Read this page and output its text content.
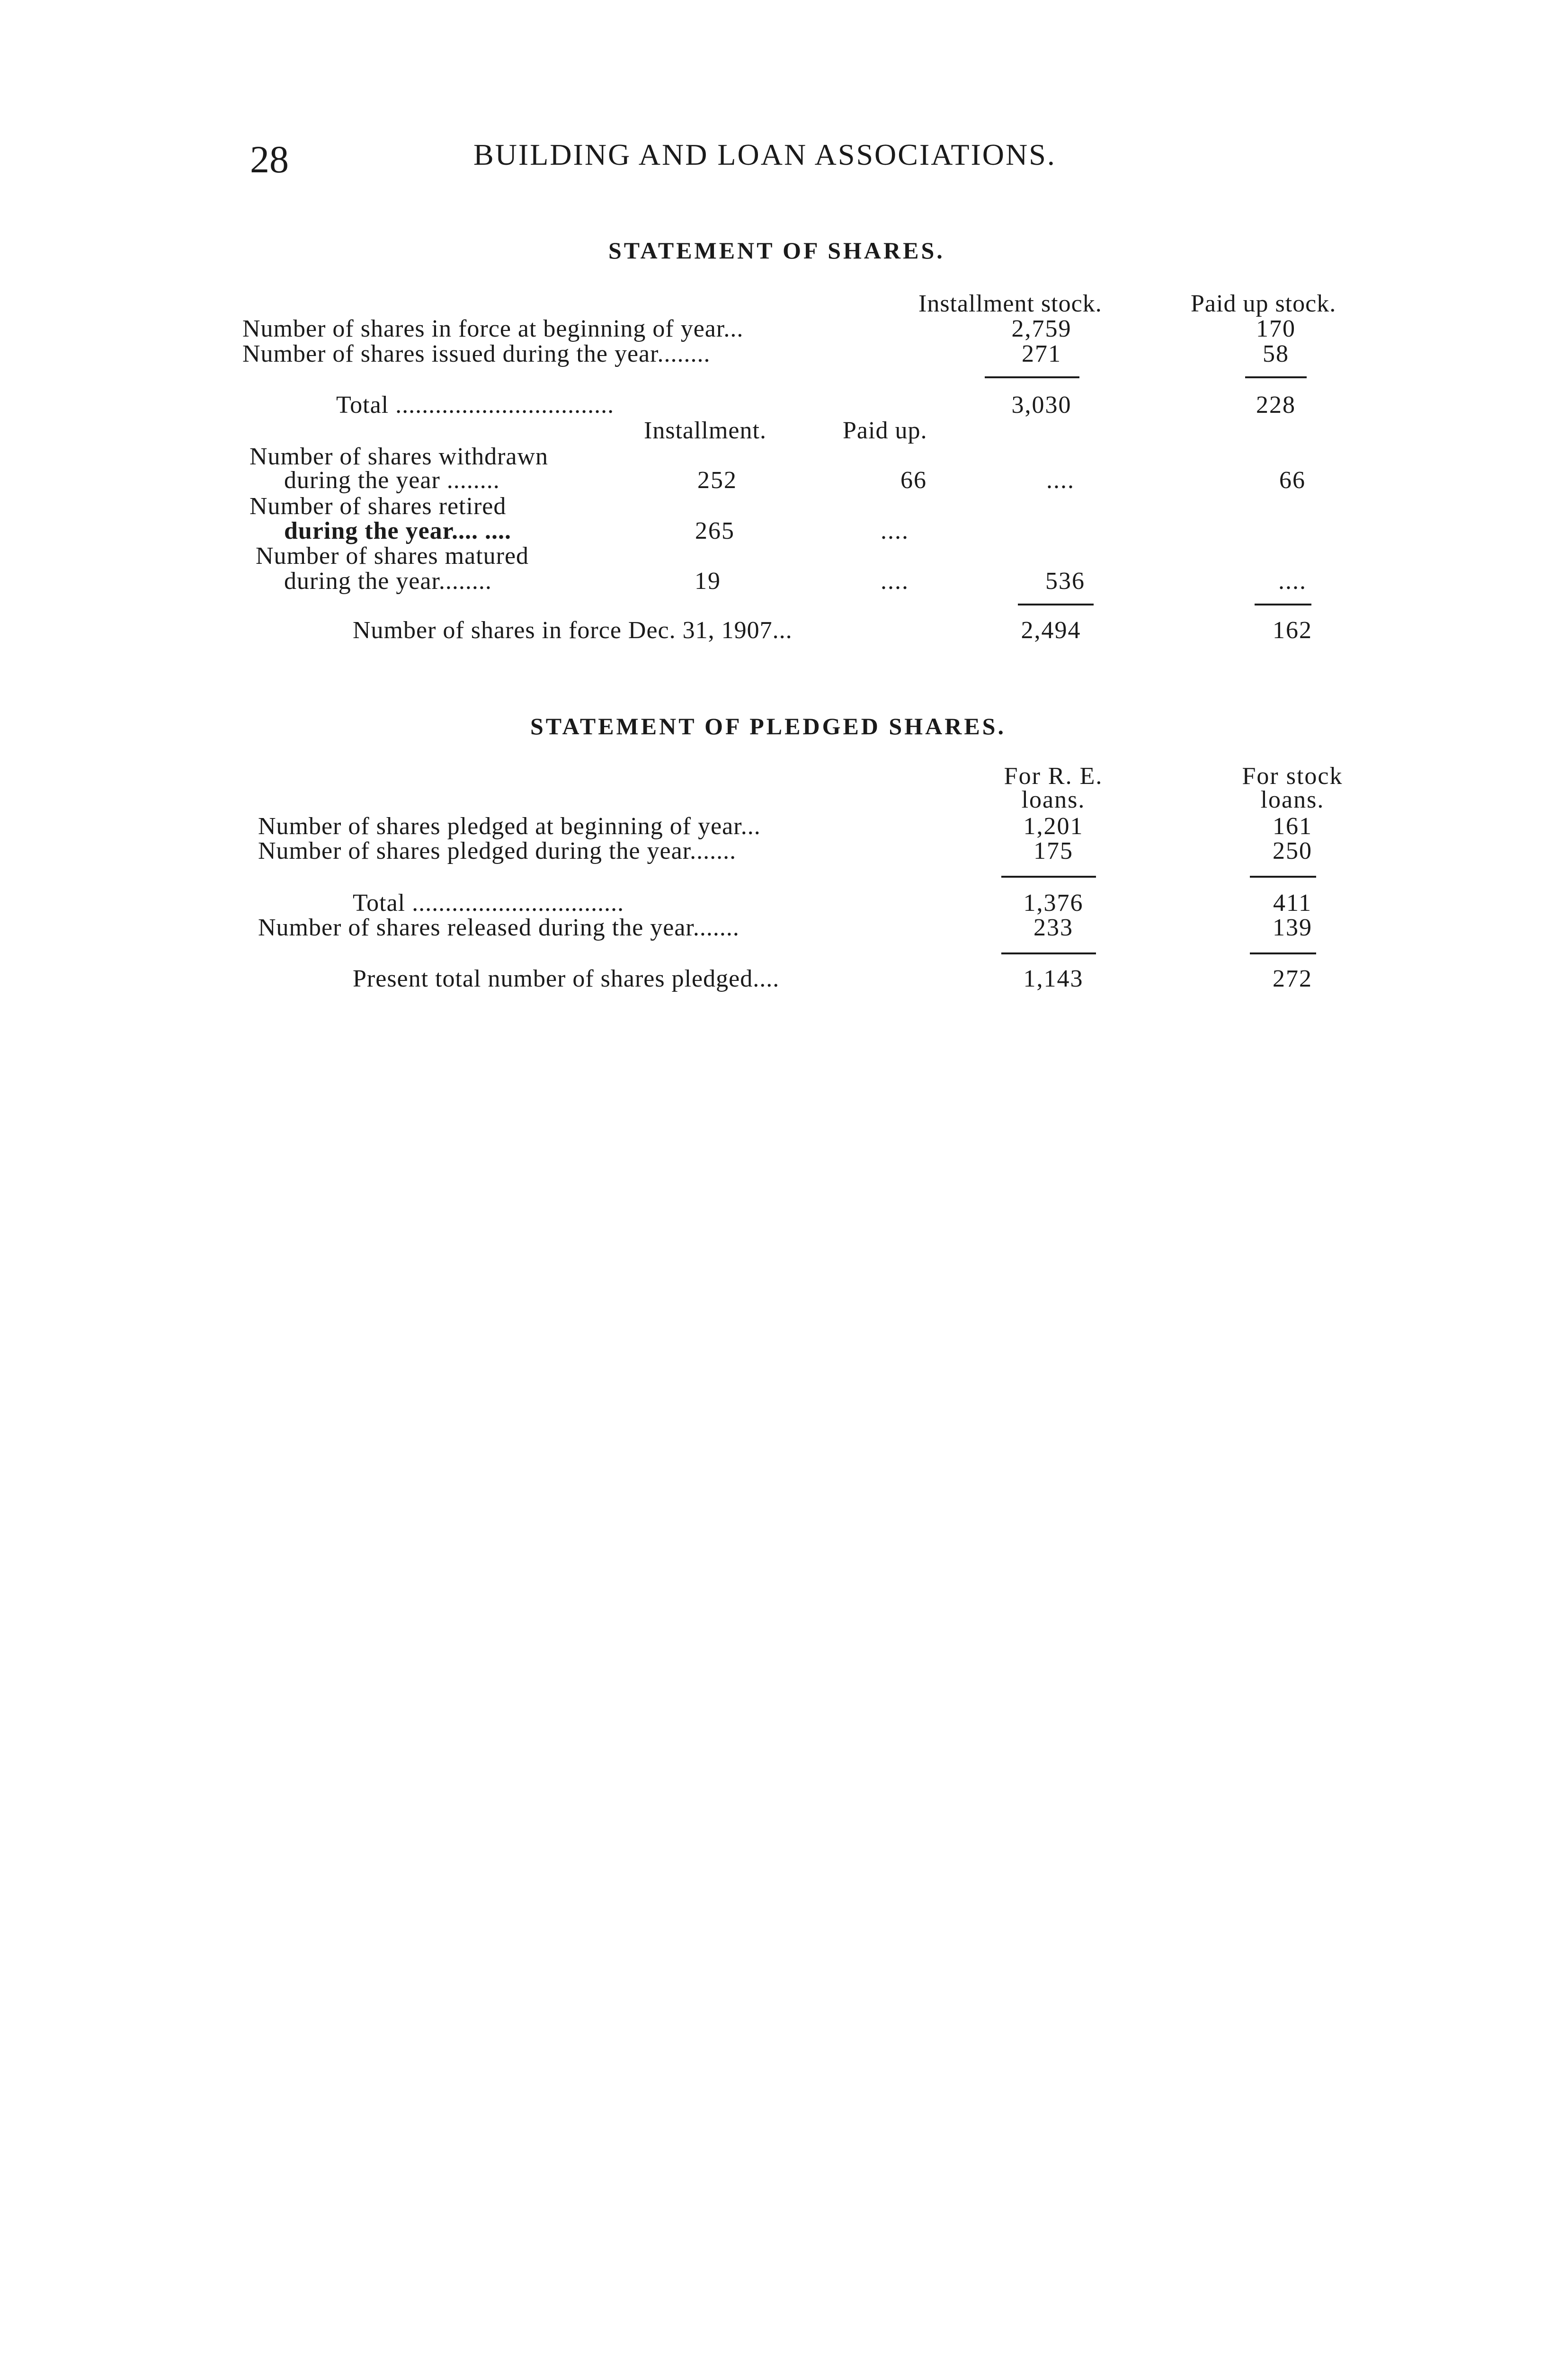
28	BUILDING AND LOAN ASSOCIATIONS.
STATEMENT OF SHARES.
Installment stock.	Paid up stock.
Number of shares in force at beginning of year...	2,759	170
Number of shares issued during the year........	271	58
Total .................................	3,030	228
Installment.	Paid up.
Number of shares withdrawn
during the year ........	252	66	....	66
Number of shares retired
during the year.... ....	265	....
Number of shares matured
during the year........	19	....	536	....
Number of shares in force Dec. 31, 1907...	2,494	162
STATEMENT OF PLEDGED SHARES.
For R. E.
loans.
For stock
loans.
Number of shares pledged at beginning of year...	1,201	161
Number of shares pledged during the year.......	175	250
Total ................................	1,376	411
Number of shares released during the year.......	233	139
Present total number of shares pledged....	1,143	272
